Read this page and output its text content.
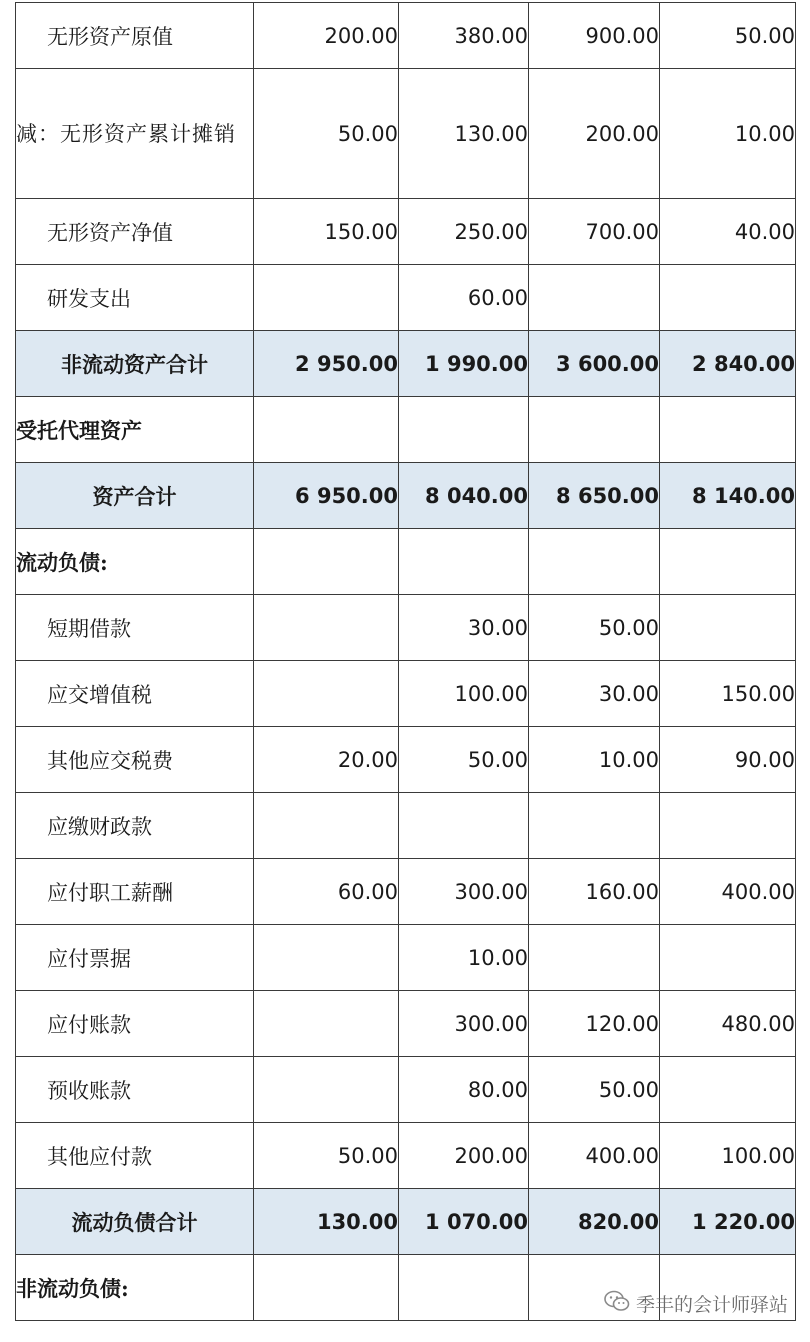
无形资产原值	200.00	380.00	900.00	50.00
减：无形资产累计摊销	50.00	130.00	200.00	10.00
无形资产净值	150.00	250.00	700.00	40.00
研发支出		60.00		
非流动资产合计	2 950.00	1 990.00	3 600.00	2 840.00
受托代理资产				
资产合计	6 950.00	8 040.00	8 650.00	8 140.00
流动负债:				
短期借款		30.00	50.00	
应交增值税		100.00	30.00	150.00
其他应交税费	20.00	50.00	10.00	90.00
应缴财政款				
应付职工薪酬	60.00	300.00	160.00	400.00
应付票据		10.00		
应付账款		300.00	120.00	480.00
预收账款		80.00	50.00	
其他应付款	50.00	200.00	400.00	100.00
流动负债合计	130.00	1 070.00	820.00	1 220.00
非流动负债:				
季丰的会计师驿站
